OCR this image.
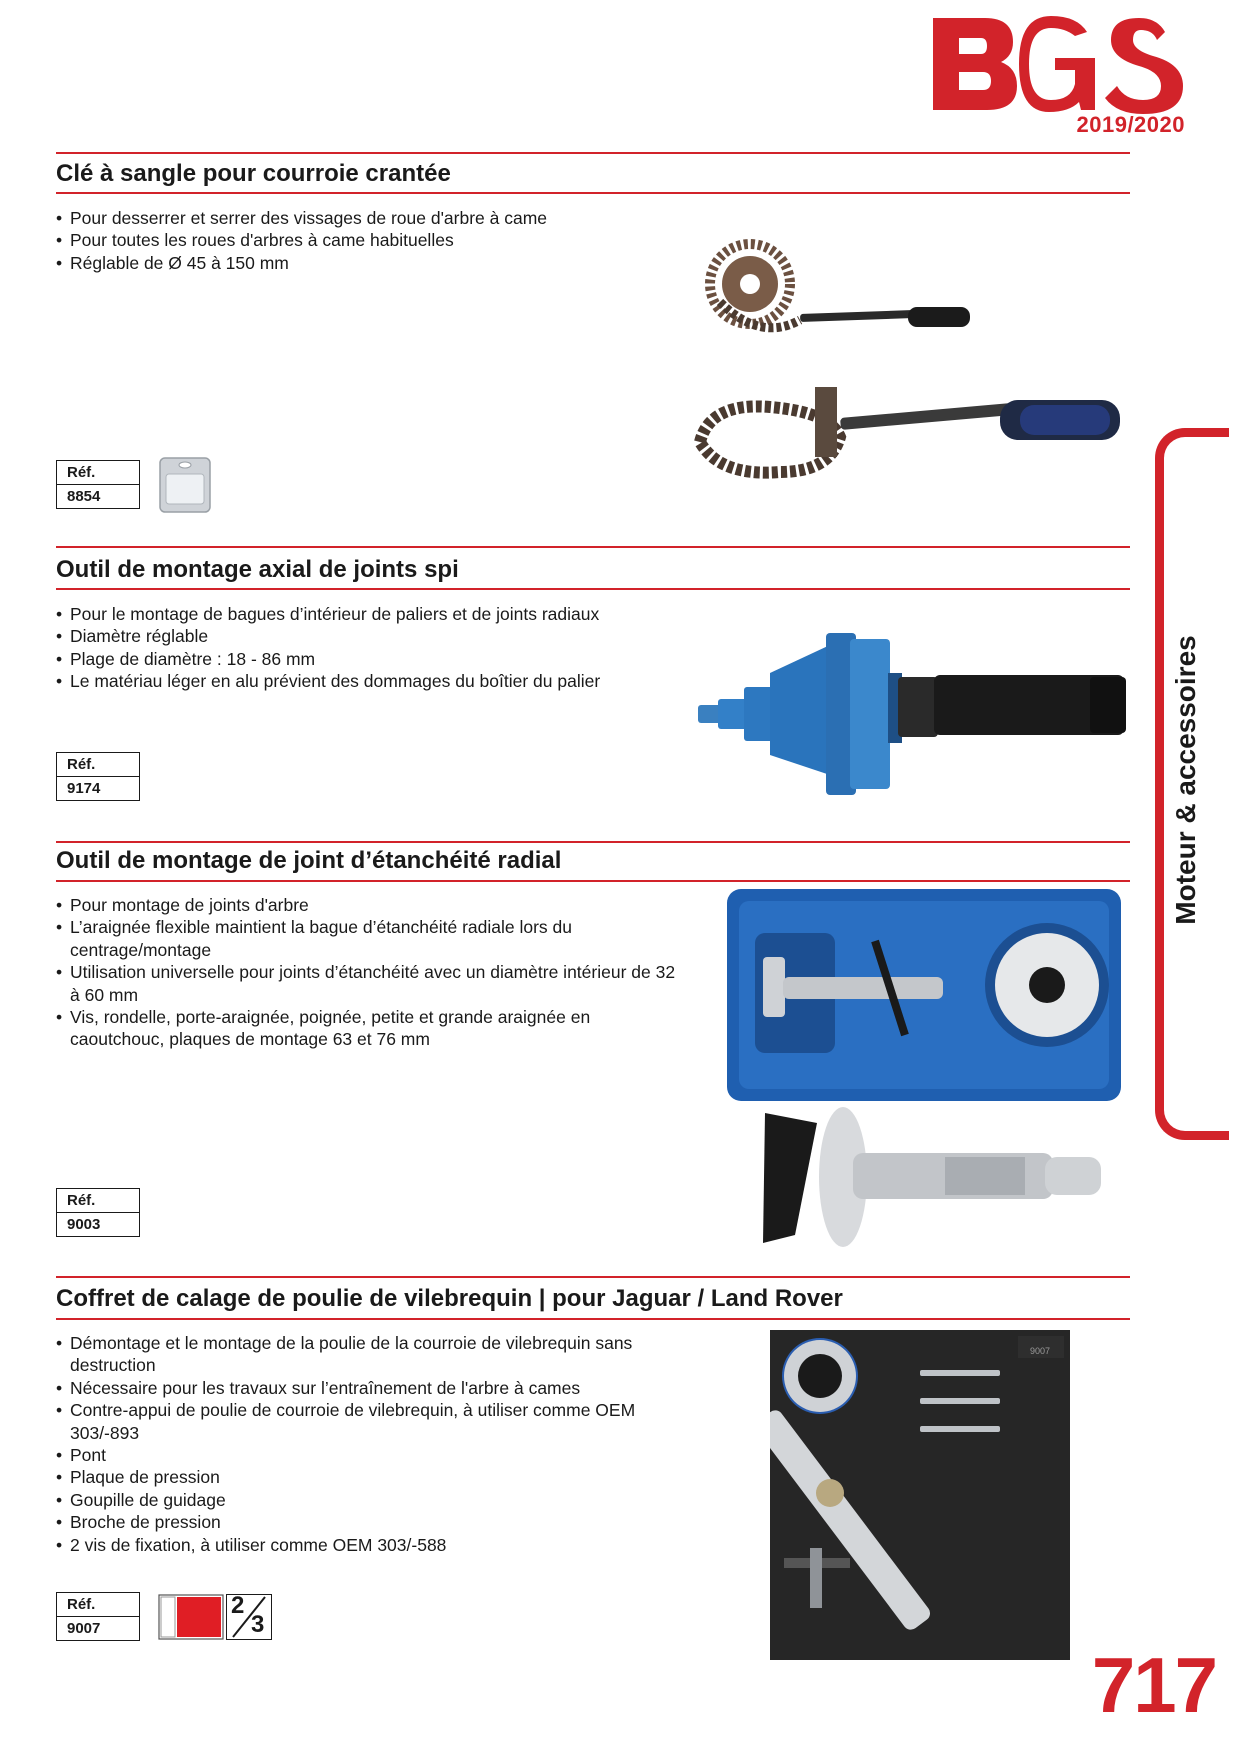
2019/2020
Moteur & accessoires
Clé à sangle pour courroie crantée
• Pour desserrer et serrer des vissages de roue d'arbre à came
• Pour toutes les roues d'arbres à came habituelles
• Réglable de Ø 45 à 150 mm
Réf.
8854
Outil de montage axial de joints spi
• Pour le montage de bagues d’intérieur de paliers et de joints radiaux
• Diamètre réglable
• Plage de diamètre : 18 - 86 mm
• Le matériau léger en alu prévient des dommages du boîtier du palier
Réf.
9174
Outil de montage de joint d’étanchéité radial
• Pour montage de joints d'arbre
• L’araignée flexible maintient la bague d’étanchéité radiale lors du centrage/montage
• Utilisation universelle pour joints d’étanchéité avec un diamètre intérieur de 32 à 60 mm
• Vis, rondelle, porte-araignée, poignée, petite et grande araignée en caoutchouc, plaques de montage 63 et 76 mm
Réf.
9003
Coffret de calage de poulie de vilebrequin | pour Jaguar / Land Rover
• Démontage et le montage de la poulie de la courroie de vilebrequin sans destruction
• Nécessaire pour les travaux sur l’entraînement de l'arbre à cames
• Contre-appui de poulie de courroie de vilebrequin, à utiliser comme OEM 303/-893
• Pont
• Plaque de pression
• Goupille de guidage
• Broche de pression
• 2 vis de fixation, à utiliser comme OEM 303/-588
Réf.
9007
2
3
9007
717
